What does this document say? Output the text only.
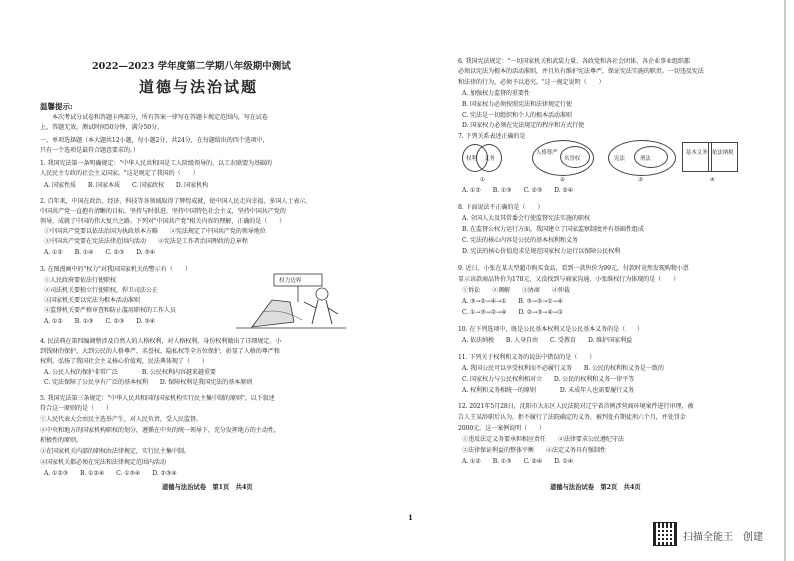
2022—2023 学年度第二学期八年级期中测试
道德与法治试题
温馨提示:
本次考试分试卷和答题卡两部分，所有答案一律写在答题卡规定范围内，写在试卷
上，答题无效，测试时间50分钟，满分50分。
一、单项选择题（本大题共12小题，每小题2分，共24分，在每题给出的四个选项中，
只有一个选项是最符合题意要求的。）
1. 我国宪法第一条明确规定："中华人民共和国是工人阶级领导的、以工农联盟为基础的
人民民主专政的社会主义国家。"这是规定了我国的（　　）
A. 国家性质　　B. 国家本质　　C. 国家政权　　D. 国家机构
2. 百年来，中国在政治、经济、科技等各领域取得了辉煌成就，使中国人民走向幸福，多国人士表示，
中国共产党一直抱有清晰的目标，坚持与时俱进，坚持中国特色社会主义，坚持中国共产党的
领导，成就了中国的伟大复兴之路。下列对"中国共产党"相关内容的理解，正确的是（　　）
①中国共产党要以依法治国为执政基本方略　　②宪法规定了中国共产党的领导地位
③中国共产党要在宪法法律范围内活动　　④宪法是工作者治国理政的总章程
A. ①②　　B. ①④　　C. ②③　　D. ③④
3. 在图漫画中的"权力"对我国国家机关的警示有（　　）
①人民政府要依法行使职权
②司法机关要独立行使职权，捍卫司法公正
③国家机关要以宪法为根本活动准则
④监督机关要严格审查和防止滥用职权的工作人员
A. ①②　　B. ①③　　C. ②③　　D. ③④
权力边界
4. 民法典在第四编调整涉及自然人的人格权利，对人格权利、身份权利做出了详细规定。小
到钱财的保护，大到公民的人格尊严、名誉权、隐私权等全方位保护，彰显了人格的尊严和
权利，弘扬了我国社会主义核心价值观，民法典体现了（　　）
A. 公民人权的保护非常广泛　　　　B. 公民权利内容越来越重要
C. 宪法保障了公民享有广泛的基本权利　　D. 保障权利是我国宪法的基本原则
5. 我国宪法第三条规定："中华人民共和国的国家机构实行民主集中制的原则"。以下叙述
符合这一原则的是（　　）
①人民代表大会由民主选举产生，对人民负责，受人民监督。
②中央和地方的国家机构职权的划分，遵循在中央的统一领导下，充分发挥地方的主动性，
积极性的原则。
③在国家机关内部的职权由法律规定，实行民主集中制。
④国家机关都必须在宪法和法律规定范围内活动
A. ①②③　　B. ①②④　　C. ①③④　　D. ②③④
道德与法治试卷　第1页　共4页
1
6. 我国宪法规定："一切国家机关和武装力量、各政党和各社会团体、各企业事业组织都
必须以宪法为根本的活动准则，并且负有维护宪法尊严，保证宪法实施的职责。一切违反宪法
和法律的行为，必须予以追究。"这一规定说明（　　）
A. 加强权力监督的重要性
B. 国家权力必须按照宪法和法律规定行使
C. 宪法是一切组织和个人的根本活动准则
D. 国家权力必须在宪法规定的程序和方式行使
7. 下列关系表述正确的是
权利 义务
人格尊严
名誉权	宪法	刑法
基本义务 依法纳税
①	②	③	④
A. ①②　　B. ①③　　C. ②③　　D. ②④
8. 下面说法不正确的是（　　）
A. 全国人大及其常委会行使监督宪法实施的职权
B. 在监督公权力运行方面，我国建立了国家监察制度并有基础性组成
C. 宪法的核心内容是公民的基本权利和义务
D. 宪法的核心价值追求是规范国家权力运行以保障公民权利
9. 近日，小张在某大型超市购买食品，看到一款售价为99元，付款时竟然发现购物小票
显示该款商品售价为178元，又没找到与商家沟通，小张维权行为体现的是（　　）
①诉讼　　②调解　　③协商　　④仲裁
A. ③→②→④→①　　B. ③→②→①→④
C. ①→③→②→④　　D. ②→③→④→①
10. 在下列选项中，既是公民基本权利又是公民基本义务的是（　　）
A. 依法纳税　　B. 人身自由　　C. 受教育　　D. 维护国家利益
11. 下列关于权利和义务的说法中错误的是（　　）
A. 我国公民可以享受权利而不必履行义务　　B. 公民的权利和义务是一致的
C. 国家权力与公民权利相对立　　D. 公民的权利和义务一律平等
A. 权利和义务相统一的原则　　　　D. 未成年人也需要履行义务
12. 2021年5月28日，沈阳市大东区人民法院对辽宁省首例涉营商环境案件进行审理，被
告人王某辞职后认为，拒不履行了法院确定的义务，被判处有期徒刑六个月，并处罚金
2000元。这一案例说明（　　）
①违反法定义务要承担相应责任　　②法律要求公民遵纪守法
③法律保证利益的整体平衡　　④法定义务具有强制性
A. ①②　　B. ①③　　C. ②④　　D. ①④
道德与法治试卷　第2页　共4页
扫描全能王　创建
